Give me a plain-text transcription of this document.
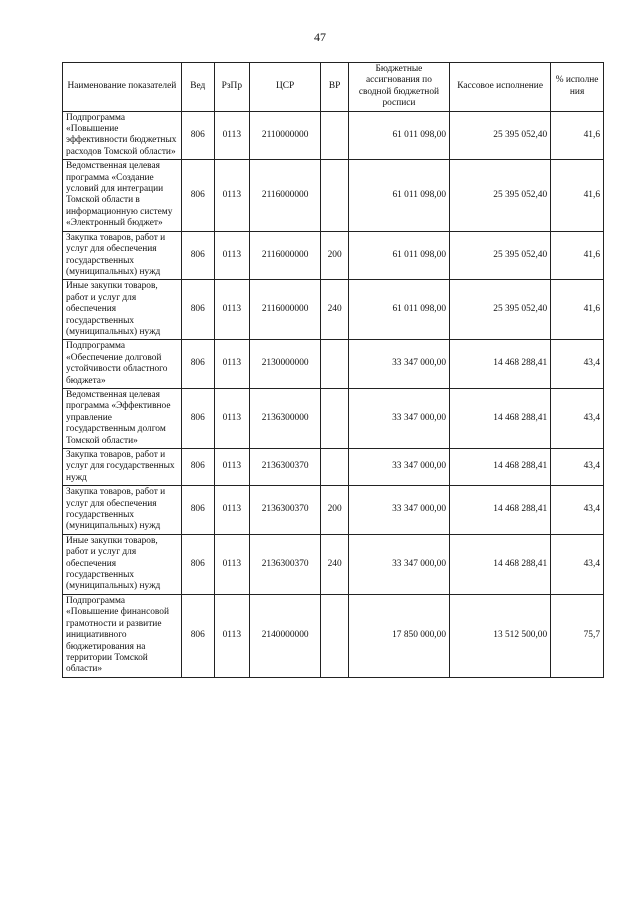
47
Наименование показателей	Вед	РзПр	ЦСР	ВР	Бюджетные ассигнования по сводной бюджетной росписи	Кассовое исполнение	% исполне ния
Подпрограмма «Повышение эффективности бюджетных расходов Томской области»	806	0113	2110000000		61 011 098,00	25 395 052,40	41,6
Ведомственная целевая программа «Создание условий для интеграции Томской области в информационную систему «Электронный бюджет»	806	0113	2116000000		61 011 098,00	25 395 052,40	41,6
Закупка товаров, работ и услуг для обеспечения государственных (муниципальных) нужд	806	0113	2116000000	200	61 011 098,00	25 395 052,40	41,6
Иные закупки товаров, работ и услуг для обеспечения государственных (муниципальных) нужд	806	0113	2116000000	240	61 011 098,00	25 395 052,40	41,6
Подпрограмма «Обеспечение долговой устойчивости областного бюджета»	806	0113	2130000000		33 347 000,00	14 468 288,41	43,4
Ведомственная целевая программа «Эффективное управление государственным долгом Томской области»	806	0113	2136300000		33 347 000,00	14 468 288,41	43,4
Закупка товаров, работ и услуг для государственных нужд	806	0113	2136300370		33 347 000,00	14 468 288,41	43,4
Закупка товаров, работ и услуг для обеспечения государственных (муниципальных) нужд	806	0113	2136300370	200	33 347 000,00	14 468 288,41	43,4
Иные закупки товаров, работ и услуг для обеспечения государственных (муниципальных) нужд	806	0113	2136300370	240	33 347 000,00	14 468 288,41	43,4
Подпрограмма «Повышение финансовой грамотности и развитие инициативного бюджетирования на территории Томской области»	806	0113	2140000000		17 850 000,00	13 512 500,00	75,7
